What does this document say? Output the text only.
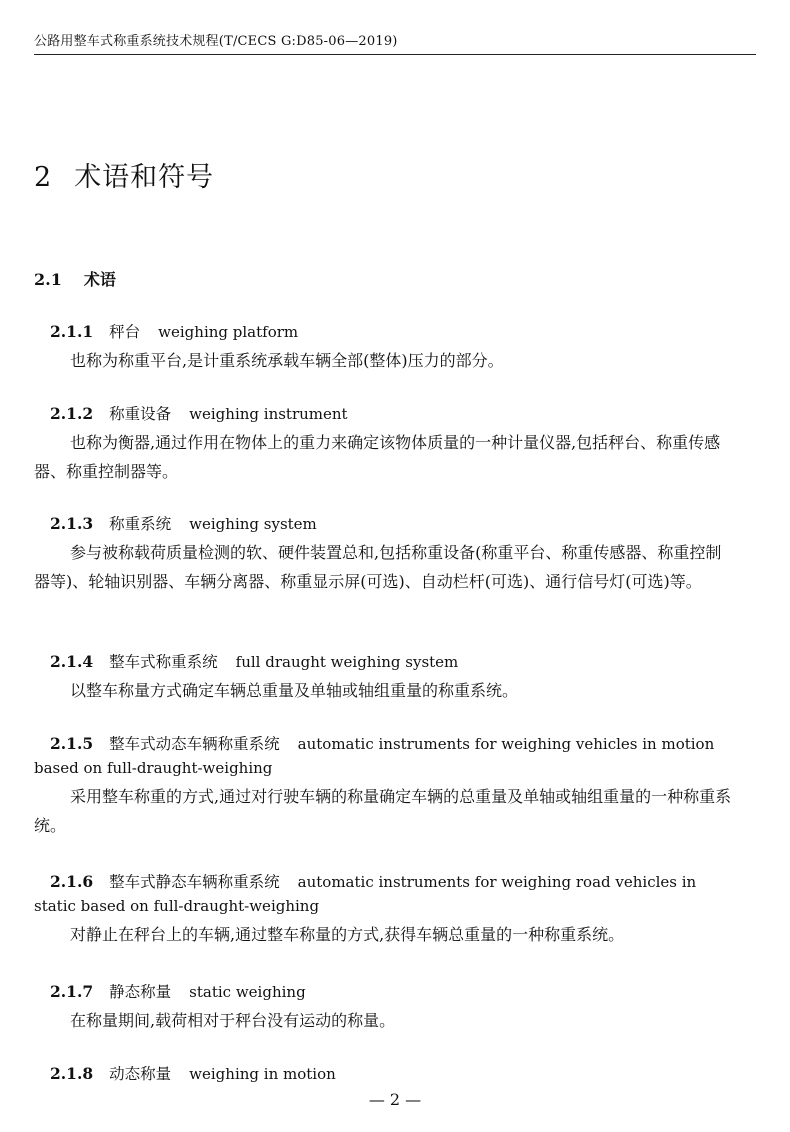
公路用整车式称重系统技术规程(T/CECS G:D85-06—2019)
2 术语和符号
2.1 术语
2.1.1 秤台 weighing platform
也称为称重平台,是计重系统承载车辆全部(整体)压力的部分。
2.1.2 称重设备 weighing instrument
也称为衡器,通过作用在物体上的重力来确定该物体质量的一种计量仪器,包括秤台、称重传感器、称重控制器等。
2.1.3 称重系统 weighing system
参与被称载荷质量检测的软、硬件装置总和,包括称重设备(称重平台、称重传感器、称重控制器等)、轮轴识别器、车辆分离器、称重显示屏(可选)、自动栏杆(可选)、通行信号灯(可选)等。
2.1.4 整车式称重系统 full draught weighing system
以整车称量方式确定车辆总重量及单轴或轴组重量的称重系统。
2.1.5 整车式动态车辆称重系统 automatic instruments for weighing vehicles in motion
based on full-draught-weighing
采用整车称重的方式,通过对行驶车辆的称量确定车辆的总重量及单轴或轴组重量的一种称重系统。
2.1.6 整车式静态车辆称重系统 automatic instruments for weighing road vehicles in
static based on full-draught-weighing
对静止在秤台上的车辆,通过整车称量的方式,获得车辆总重量的一种称重系统。
2.1.7 静态称量 static weighing
在称量期间,载荷相对于秤台没有运动的称量。
2.1.8 动态称量 weighing in motion
— 2 —
